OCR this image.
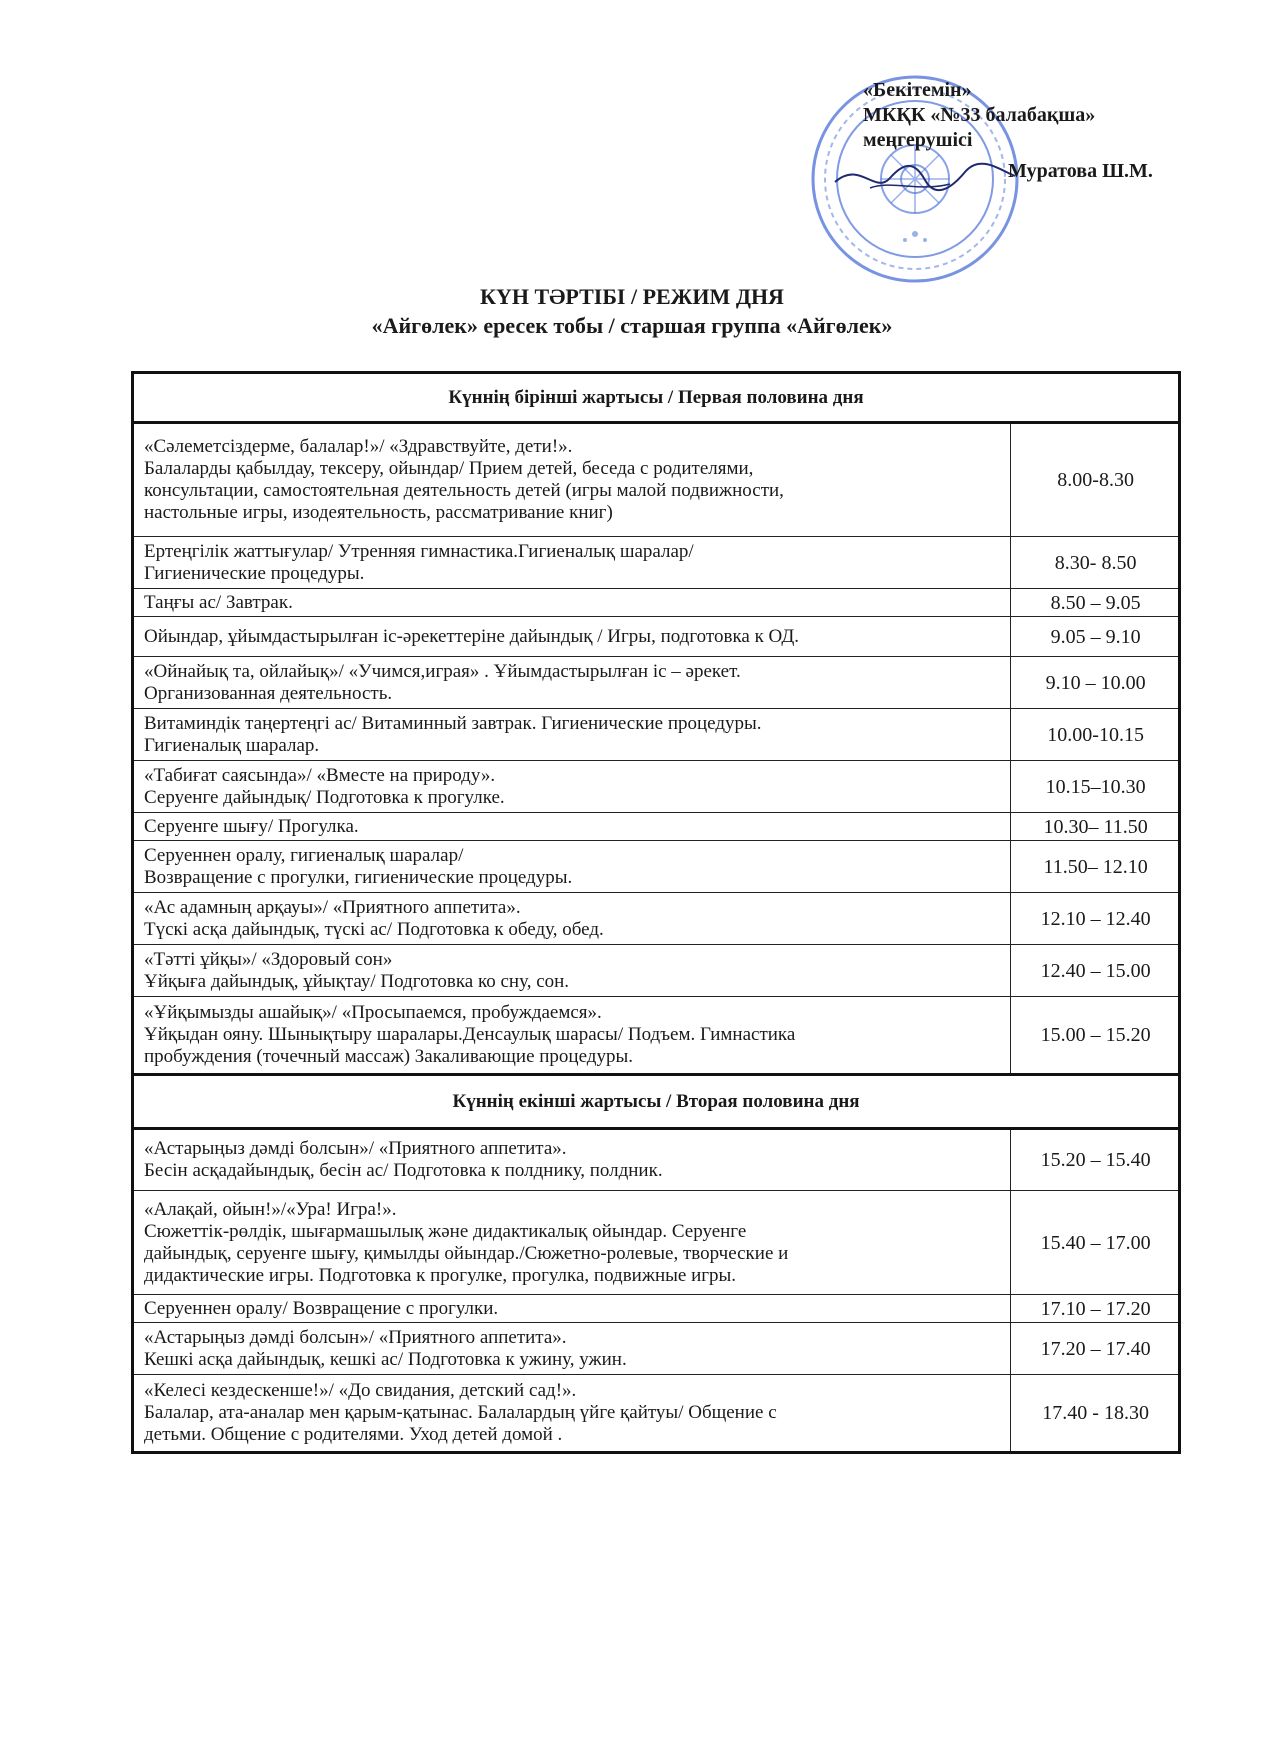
«Бекітемін»
МКҚК «№33 балабақша»
меңгерушісі
Муратова Ш.М.
КҮН ТӘРТІБІ / РЕЖИМ ДНЯ
«Айгөлек» ересек тобы / старшая группа «Айгөлек»
Күннің бірінші жартысы / Первая половина дня	

«Сәлеметсіздерме, балалар!»/ «Здравствуйте, дети!».
Балаларды қабылдау, тексеру, ойындар/ Прием детей, беседа с родителями,
консультации, самостоятельная деятельность детей (игры малой подвижности,
настольные игры, изодеятельность, рассматривание книг)	8.00-8.30

Ертеңгілік жаттығулар/ Утренняя гимнастика.Гигиеналық шаралар/
Гигиенические процедуры.	8.30- 8.50

Таңғы ас/ Завтрак.	8.50 – 9.05

Ойындар, ұйымдастырылған іс-әрекеттеріне дайындық / Игры, подготовка к ОД.	9.05 – 9.10

«Ойнайық та, ойлайық»/ «Учимся,играя» . Ұйымдастырылған іс – әрекет.
Организованная деятельность.	9.10 – 10.00

Витаминдік таңертеңгі ас/ Витаминный завтрак. Гигиенические процедуры.
Гигиеналық шаралар.	10.00-10.15

«Табиғат саясында»/ «Вместе на природу».
Серуенге дайындық/ Подготовка к прогулке.	10.15–10.30

Серуенге шығу/ Прогулка.	10.30– 11.50

Серуеннен оралу, гигиеналық шаралар/
Возвращение с прогулки, гигиенические процедуры.	11.50– 12.10

«Ас адамның арқауы»/ «Приятного аппетита».
Түскі асқа дайындық, түскі ас/ Подготовка к обеду, обед.	12.10 – 12.40

«Тәтті ұйқы»/ «Здоровый сон»
Ұйқыға дайындық, ұйықтау/ Подготовка ко сну, сон.	12.40 – 15.00

«Ұйқымызды ашайық»/ «Просыпаемся, пробуждаемся».
Ұйқыдан ояну. Шынықтыру шаралары.Денсаулық шарасы/ Подъем. Гимнастика
пробуждения (точечный массаж) Закаливающие процедуры.	15.00 – 15.20
Күннің екінші жартысы / Вторая половина дня	

«Астарыңыз дәмді болсын»/ «Приятного аппетита».
Бесін асқадайындық, бесін ас/ Подготовка к полднику, полдник.	15.20 – 15.40

«Алақай, ойын!»/«Ура! Игра!».
Сюжеттік-рөлдік, шығармашылық және дидактикалық ойындар. Серуенге
дайындық, серуенге шығу, қимылды ойындар./Сюжетно-ролевые, творческие и
дидактические игры. Подготовка к прогулке, прогулка, подвижные игры.	15.40 – 17.00

Серуеннен оралу/ Возвращение с прогулки.	17.10 – 17.20

«Астарыңыз дәмді болсын»/ «Приятного аппетита».
Кешкі асқа дайындық, кешкі ас/ Подготовка к ужину, ужин.	17.20 – 17.40

«Келесі кездескенше!»/ «До свидания, детский сад!».
Балалар, ата-аналар мен қарым-қатынас. Балалардың үйге қайтуы/ Общение с
детьми. Общение с родителями. Уход детей домой .	17.40 - 18.30
